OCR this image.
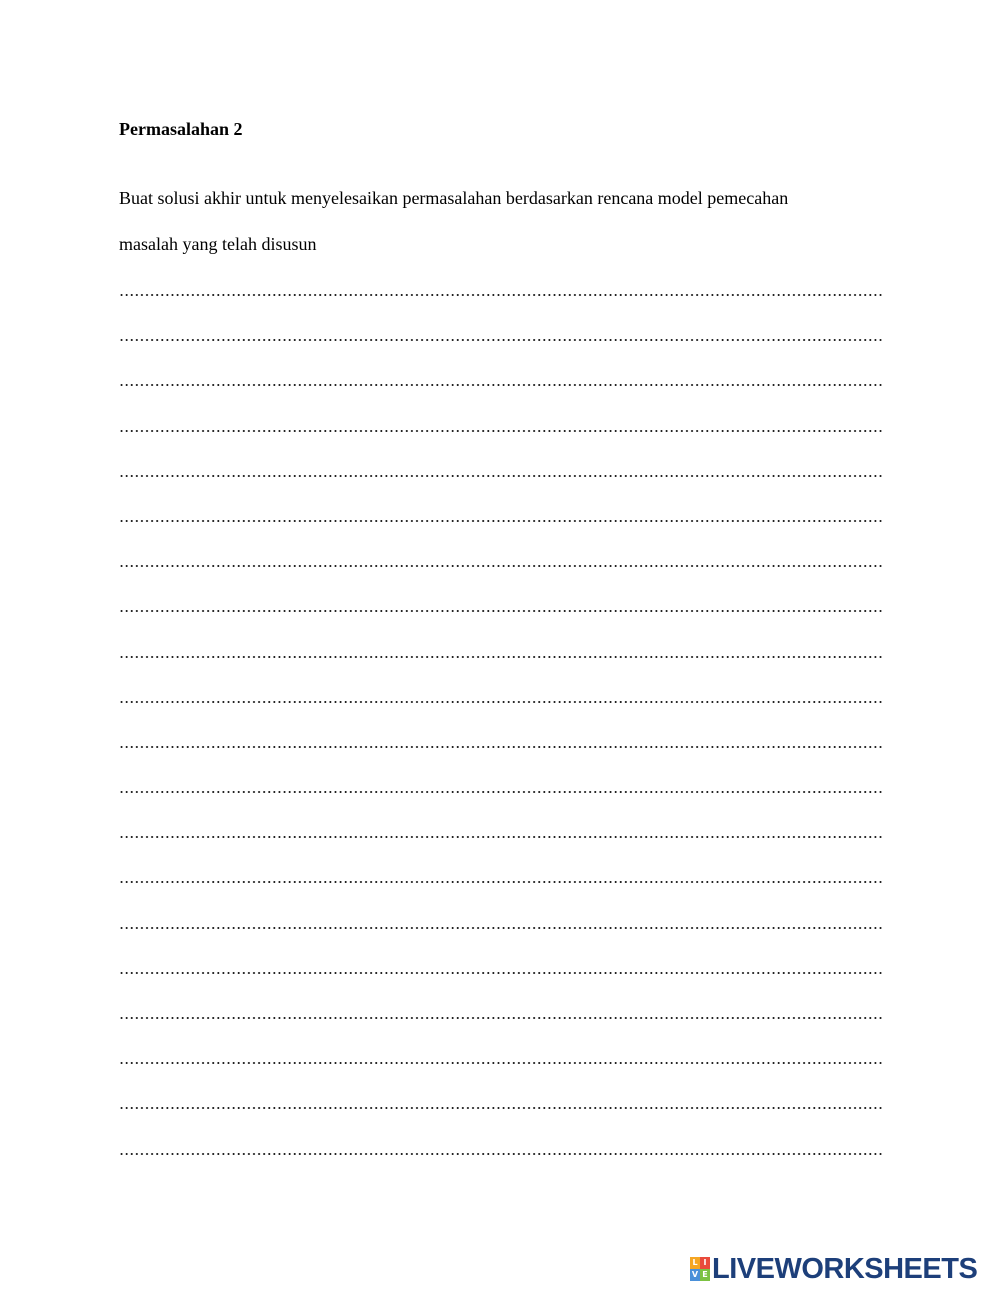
Permasalahan 2
Buat solusi akhir untuk menyelesaikan permasalahan berdasarkan rencana model pemecahan
masalah yang telah disusun
L I
V E LIVEWORKSHEETS
